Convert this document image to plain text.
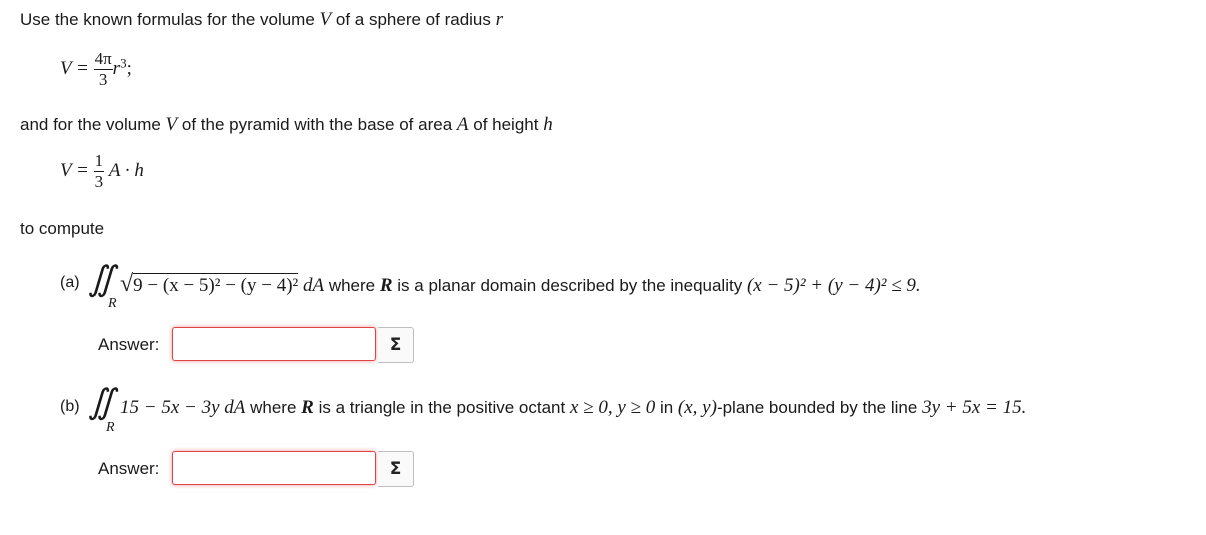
Use the known formulas for the volume V of a sphere of radius r
$V = \frac{4\pi}{3} r^3$;
and for the volume V of the pyramid with the base of area A of height h
$V = \frac{1}{3}$ A · h
to compute
(a) ∬
R
√9 − (x − 5)² − (y − 4)² dA where R is a planar domain described by the inequality (x − 5)² + (y − 4)² ≤ 9.
Answer:	Σ
(b) ∬
R
15 − 5x − 3y dA where R is a triangle in the positive octant x ≥ 0, y ≥ 0 in (x, y)-plane bounded by the line 3y + 5x = 15.
Answer:	Σ
